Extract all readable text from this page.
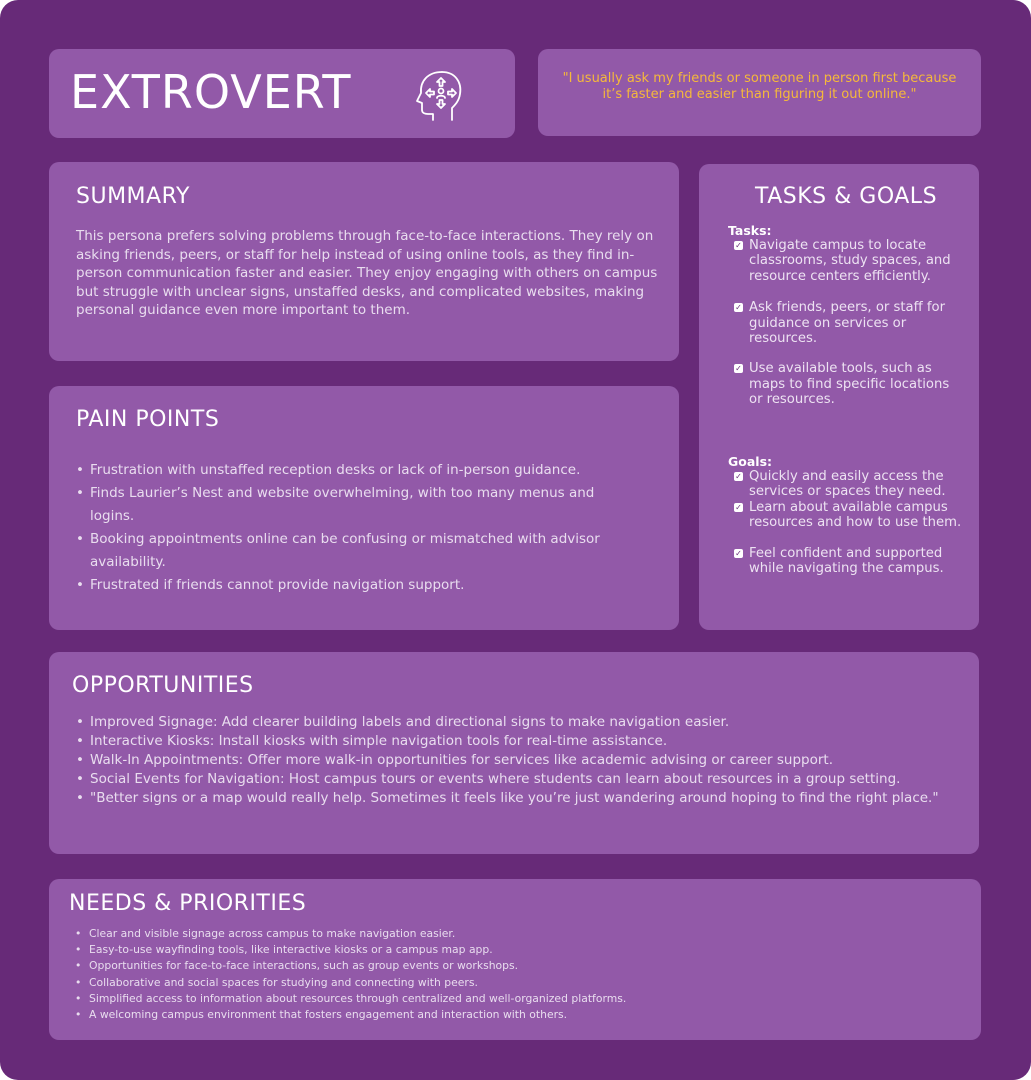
EXTROVERT	"I usually ask my friends or someone in person first because it’s faster and easier than figuring it out online."
SUMMARY
This persona prefers solving problems through face-to-face interactions. They rely on asking friends, peers, or staff for help instead of using online tools, as they find in-person communication faster and easier. They enjoy engaging with others on campus but struggle with unclear signs, unstaffed desks, and complicated websites, making personal guidance even more important to them.
PAIN POINTS
• Frustration with unstaffed reception desks or lack of in-person guidance.
• Finds Laurier’s Nest and website overwhelming, with too many menus and logins.
• Booking appointments online can be confusing or mismatched with advisor availability.
• Frustrated if friends cannot provide navigation support.
TASKS & GOALS
Tasks:
✓ Navigate campus to locate classrooms, study spaces, and resource centers efficiently.
✓ Ask friends, peers, or staff for guidance on services or resources.
✓ Use available tools, such as maps to find specific locations or resources.
Goals:
✓ Quickly and easily access the services or spaces they need.
✓ Learn about available campus resources and how to use them.
✓ Feel confident and supported while navigating the campus.
OPPORTUNITIES
• Improved Signage: Add clearer building labels and directional signs to make navigation easier.
• Interactive Kiosks: Install kiosks with simple navigation tools for real-time assistance.
• Walk-In Appointments: Offer more walk-in opportunities for services like academic advising or career support.
• Social Events for Navigation: Host campus tours or events where students can learn about resources in a group setting.
• "Better signs or a map would really help. Sometimes it feels like you’re just wandering around hoping to find the right place."
NEEDS & PRIORITIES
• Clear and visible signage across campus to make navigation easier.
• Easy-to-use wayfinding tools, like interactive kiosks or a campus map app.
• Opportunities for face-to-face interactions, such as group events or workshops.
• Collaborative and social spaces for studying and connecting with peers.
• Simplified access to information about resources through centralized and well-organized platforms.
• A welcoming campus environment that fosters engagement and interaction with others.
